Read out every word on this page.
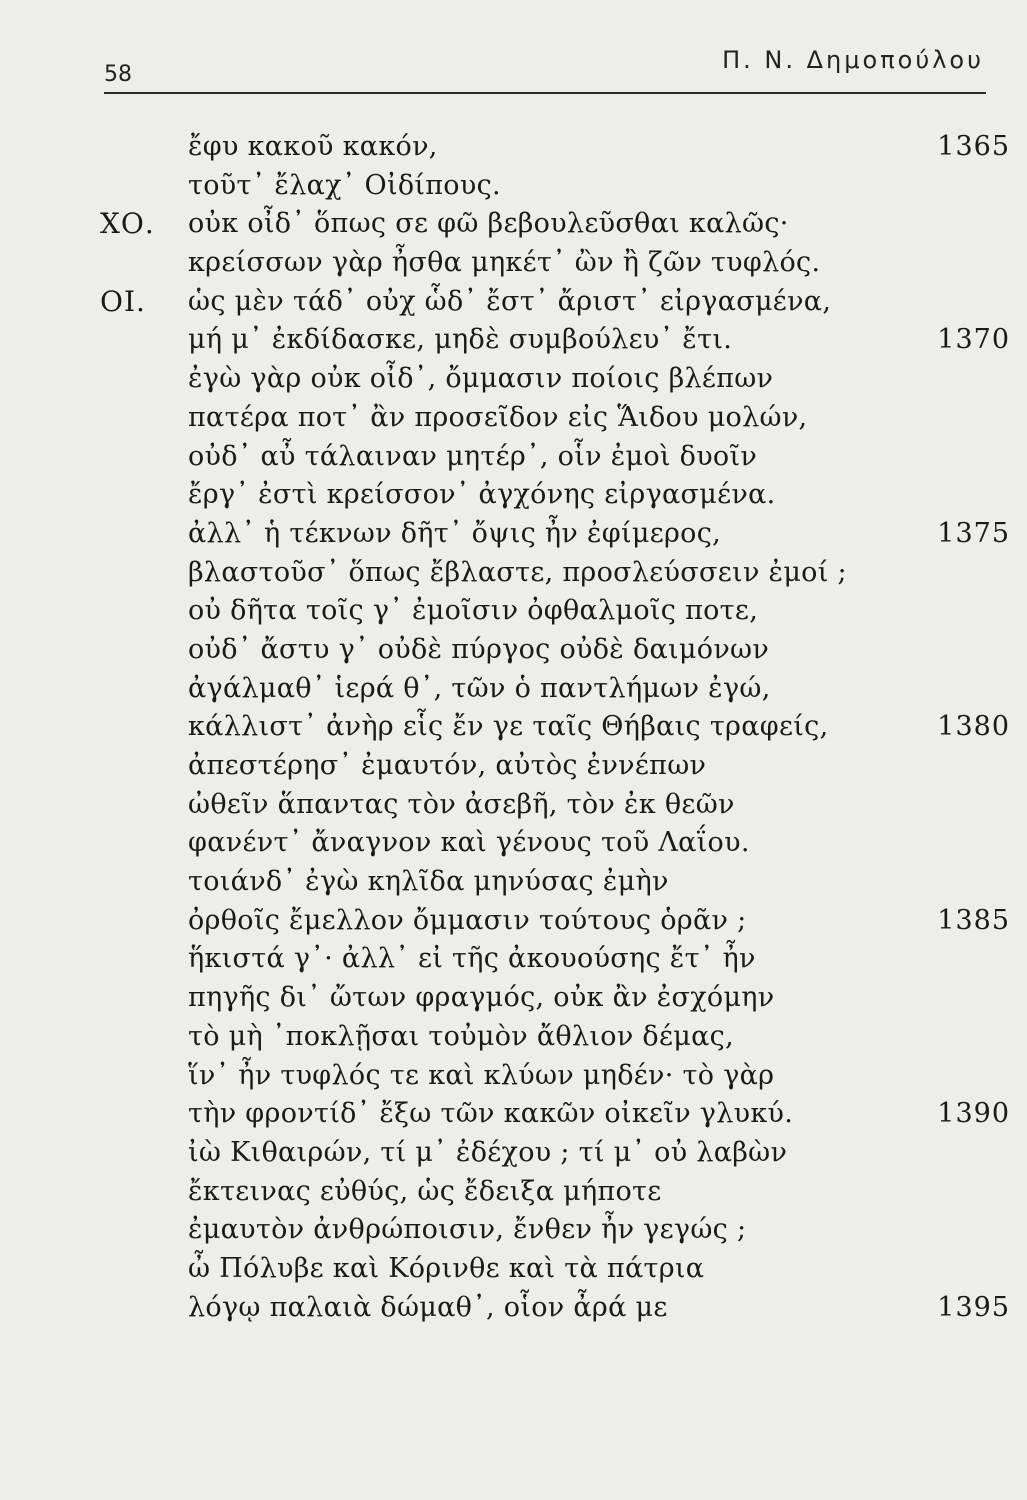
58
Π. Ν. Δημοπούλου
ἔφυ κακοῦ κακόν,	1365
τοῦτ᾽ ἔλαχ᾽ Οἰδίπους.
ΧΟ. οὐκ οἶδ᾽ ὅπως σε φῶ βεβουλεῦσθαι καλῶς·
κρείσσων γὰρ ἦσθα μηκέτ᾽ ὢν ἢ ζῶν τυφλός.
ΟΙ. ὡς μὲν τάδ᾽ οὐχ ὧδ᾽ ἔστ᾽ ἄριστ᾽ εἰργασμένα,
μή μ᾽ ἐκδίδασκε, μηδὲ συμβούλευ᾽ ἔτι.	1370
ἐγὼ γὰρ οὐκ οἶδ᾽, ὄμμασιν ποίοις βλέπων
πατέρα ποτ᾽ ἂν προσεῖδον εἰς Ἅιδου μολών,
οὐδ᾽ αὖ τάλαιναν μητέρ᾽, οἷν ἐμοὶ δυοῖν
ἔργ᾽ ἐστὶ κρείσσον᾽ ἀγχόνης εἰργασμένα.
ἀλλ᾽ ἡ τέκνων δῆτ᾽ ὄψις ἦν ἐφίμερος,	1375
βλαστοῦσ᾽ ὅπως ἔβλαστε, προσλεύσσειν ἐμοί ;
οὐ δῆτα τοῖς γ᾽ ἐμοῖσιν ὀφθαλμοῖς ποτε,
οὐδ᾽ ἄστυ γ᾽ οὐδὲ πύργος οὐδὲ δαιμόνων
ἀγάλμαθ᾽ ἱερά θ᾽, τῶν ὁ παντλήμων ἐγώ,
κάλλιστ᾽ ἀνὴρ εἷς ἔν γε ταῖς Θήβαις τραφείς,	1380
ἀπεστέρησ᾽ ἐμαυτόν, αὐτὸς ἐννέπων
ὠθεῖν ἅπαντας τὸν ἀσεβῆ, τὸν ἐκ θεῶν
φανέντ᾽ ἄναγνον καὶ γένους τοῦ Λαΐου.
τοιάνδ᾽ ἐγὼ κηλῖδα μηνύσας ἐμὴν
ὀρθοῖς ἔμελλον ὄμμασιν τούτους ὁρᾶν ;	1385
ἥκιστά γ᾽· ἀλλ᾽ εἰ τῆς ἀκουούσης ἔτ᾽ ἦν
πηγῆς δι᾽ ὤτων φραγμός, οὐκ ἂν ἐσχόμην
τὸ μὴ ᾽ποκλῇσαι τοὐμὸν ἄθλιον δέμας,
ἵν᾽ ἦν τυφλός τε καὶ κλύων μηδέν· τὸ γὰρ
τὴν φροντίδ᾽ ἔξω τῶν κακῶν οἰκεῖν γλυκύ.	1390
ἰὼ Κιθαιρών, τί μ᾽ ἐδέχου ; τί μ᾽ οὐ λαβὼν
ἔκτεινας εὐθύς, ὡς ἔδειξα μήποτε
ἐμαυτὸν ἀνθρώποισιν, ἔνθεν ἦν γεγώς ;
ὦ Πόλυβε καὶ Κόρινθε καὶ τὰ πάτρια
λόγῳ παλαιὰ δώμαθ᾽, οἷον ἆρά με	1395
